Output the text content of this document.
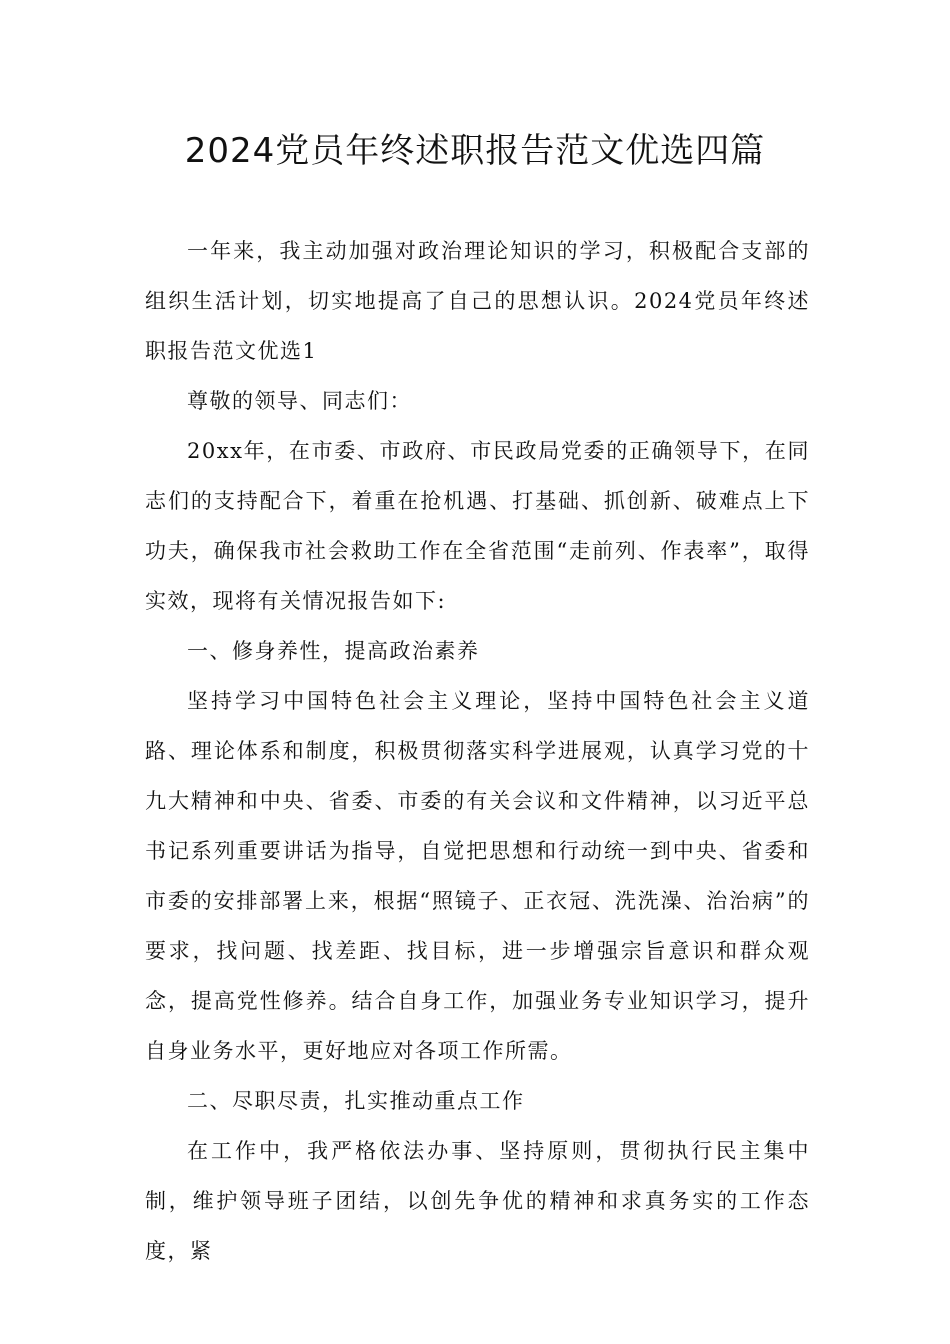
2024党员年终述职报告范文优选四篇

一年来，我主动加强对政治理论知识的学习，积极配合支部的组织生活计划，切实地提高了自己的思想认识。2024党员年终述职报告范文优选1

尊敬的领导、同志们：

20xx年，在市委、市政府、市民政局党委的正确领导下，在同志们的支持配合下，着重在抢机遇、打基础、抓创新、破难点上下功夫，确保我市社会救助工作在全省范围“走前列、作表率”，取得实效，现将有关情况报告如下:

一、修身养性，提高政治素养

坚持学习中国特色社会主义理论，坚持中国特色社会主义道路、理论体系和制度，积极贯彻落实科学进展观，认真学习党的十九大精神和中央、省委、市委的有关会议和文件精神，以习近平总书记系列重要讲话为指导，自觉把思想和行动统一到中央、省委和市委的安排部署上来，根据“照镜子、正衣冠、洗洗澡、治治病”的要求，找问题、找差距、找目标，进一步增强宗旨意识和群众观念，提高党性修养。结合自身工作，加强业务专业知识学习，提升自身业务水平，更好地应对各项工作所需。

二、尽职尽责，扎实推动重点工作

在工作中，我严格依法办事、坚持原则，贯彻执行民主集中制，维护领导班子团结，以创先争优的精神和求真务实的工作态度，紧
